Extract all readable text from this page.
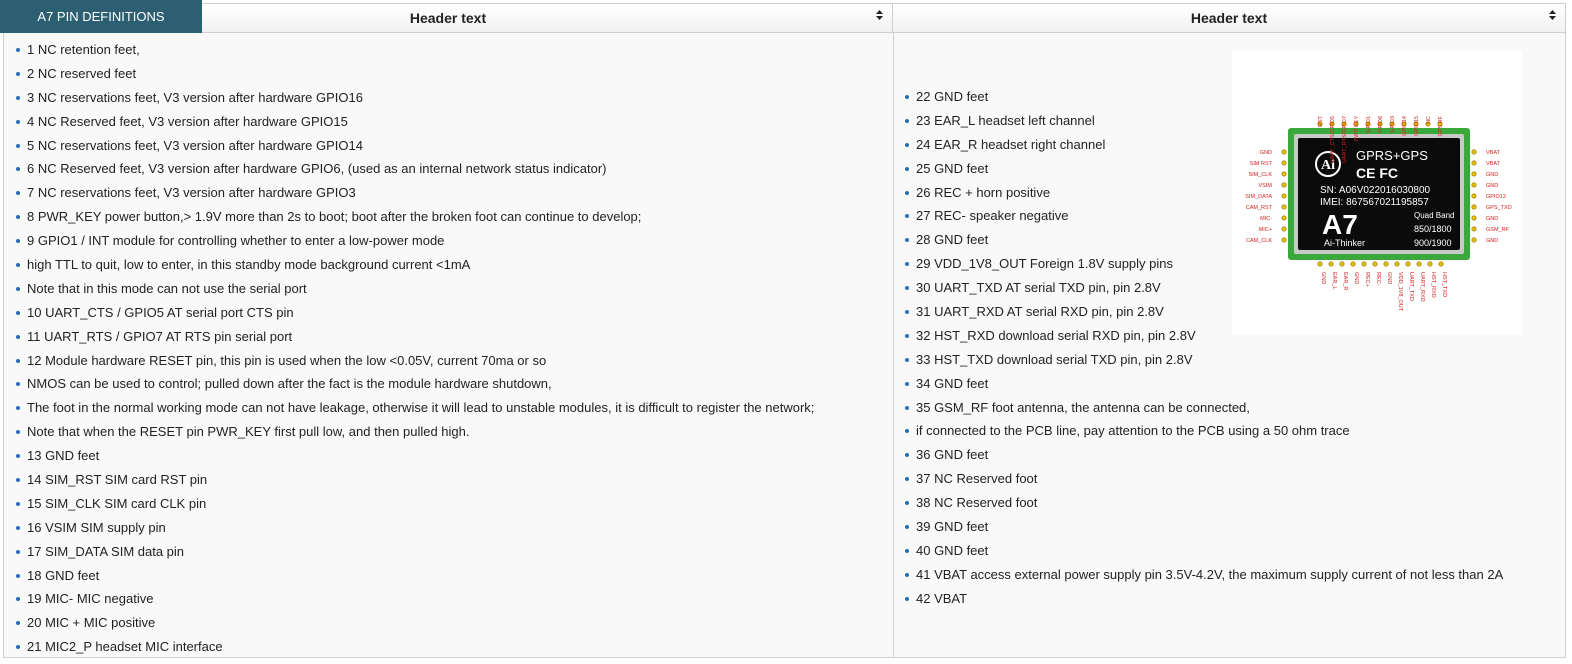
Header text	Header text
A7 PIN DEFINITIONS
1 NC retention feet,
2 NC reserved feet
3 NC reservations feet, V3 version after hardware GPIO16
4 NC Reserved feet, V3 version after hardware GPIO15
5 NC reservations feet, V3 version after hardware GPIO14
6 NC Reserved feet, V3 version after hardware GPIO6, (used as an internal network status indicator)
7 NC reservations feet, V3 version after hardware GPIO3
8 PWR_KEY power button,> 1.9V more than 2s to boot; boot after the broken foot can continue to develop;
9 GPIO1 / INT module for controlling whether to enter a low-power mode
high TTL to quit, low to enter, in this standby mode background current <1mA
Note that in this mode can not use the serial port
10 UART_CTS / GPIO5 AT serial port CTS pin
11 UART_RTS / GPIO7 AT RTS pin serial port
12 Module hardware RESET pin, this pin is used when the low <0.05V, current 70ma or so
NMOS can be used to control; pulled down after the fact is the module hardware shutdown,
The foot in the normal working mode can not have leakage, otherwise it will lead to unstable modules, it is difficult to register the network;
Note that when the RESET pin PWR_KEY first pull low, and then pulled high.
13 GND feet
14 SIM_RST SIM card RST pin
15 SIM_CLK SIM card CLK pin
16 VSIM SIM supply pin
17 SIM_DATA SIM data pin
18 GND feet
19 MIC- MIC negative
20 MIC + MIC positive
21 MIC2_P headset MIC interface
22 GND feet
23 EAR_L headset left channel
24 EAR_R headset right channel
25 GND feet
26 REC + horn positive
27 REC- speaker negative
28 GND feet
29 VDD_1V8_OUT Foreign 1.8V supply pins
30 UART_TXD AT serial TXD pin, pin 2.8V
31 UART_RXD AT serial RXD pin, pin 2.8V
32 HST_RXD download serial RXD pin, pin 2.8V
33 HST_TXD download serial TXD pin, pin 2.8V
34 GND feet
35 GSM_RF foot antenna, the antenna can be connected,
if connected to the PCB line, pay attention to the PCB using a 50 ohm trace
36 GND feet
37 NC Reserved foot
38 NC Reserved foot
39 GND feet
40 GND feet
41 VBAT access external power supply pin 3.5V-4.2V, the maximum supply current of not less than 2A
42 VBAT
Ai
GPRS+GPS
CE FC
SN: A06V022016030800
IMEI: 867567021195857
A7	Quad Band
850/1800
900/1900
Ai-Thinker
GND
SIM RST
SIM_CLK
VSIM
SIM_DATA
CAM_RST
MIC-
MIC+
CAM_CLK
VBAT
VBAT
GND
GND
GPIO13
GPS_TXD
GND
GSM_RF
GND
RST UART_CTS/GPIO5 UART_RTS/GPIO7 PWR KEY GPIO1 GPIO6 GPIO3 GPIO14 GPIO15 NC GPS RF
GND EAR_L EAR_R GND REC+ REC- GND VDD_1V8_OUT UART_TXD UART_RXD HST_RXD HST_TXD
